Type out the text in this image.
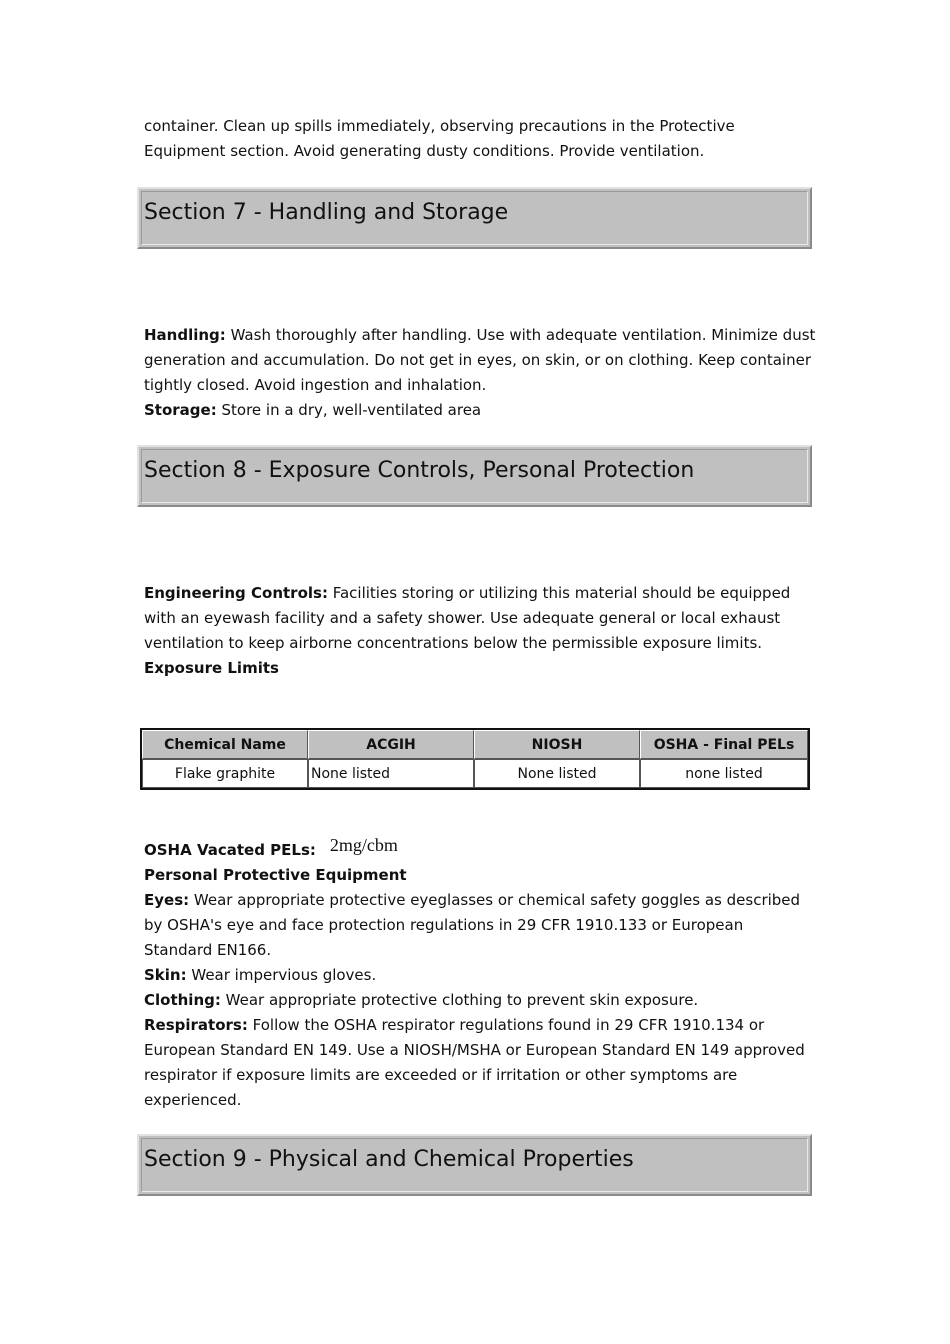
container. Clean up spills immediately, observing precautions in the Protective Equipment section. Avoid generating dusty conditions. Provide ventilation.

Section 7 - Handling and Storage

Handling: Wash thoroughly after handling. Use with adequate ventilation. Minimize dust generation and accumulation. Do not get in eyes, on skin, or on clothing. Keep container tightly closed. Avoid ingestion and inhalation.
Storage: Store in a dry, well-ventilated area

Section 8 - Exposure Controls, Personal Protection

Engineering Controls: Facilities storing or utilizing this material should be equipped with an eyewash facility and a safety shower. Use adequate general or local exhaust ventilation to keep airborne concentrations below the permissible exposure limits.
Exposure Limits

Chemical Name	ACGIH	NIOSH	OSHA - Final PELs
Flake graphite	None listed	None listed	none listed

OSHA Vacated PELs: 2mg/cbm
Personal Protective Equipment
Eyes: Wear appropriate protective eyeglasses or chemical safety goggles as described by OSHA's eye and face protection regulations in 29 CFR 1910.133 or European Standard EN166.
Skin: Wear impervious gloves.
Clothing: Wear appropriate protective clothing to prevent skin exposure.
Respirators: Follow the OSHA respirator regulations found in 29 CFR 1910.134 or European Standard EN 149. Use a NIOSH/MSHA or European Standard EN 149 approved respirator if exposure limits are exceeded or if irritation or other symptoms are experienced.

Section 9 - Physical and Chemical Properties
